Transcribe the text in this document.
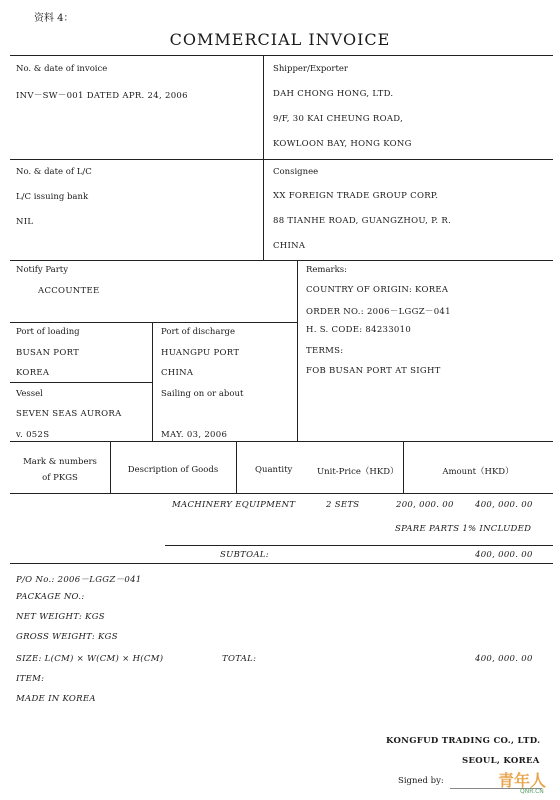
资料 4：
COMMERCIAL INVOICE
No. & date of invoice
INV－SW－001 DATED APR. 24, 2006
Shipper/Exporter
DAH CHONG HONG, LTD.
9/F, 30 KAI CHEUNG ROAD,
KOWLOON BAY, HONG KONG
No. & date of L/C
L/C issuing bank
NIL
Consignee
XX FOREIGN TRADE GROUP CORP.
88 TIANHE ROAD, GUANGZHOU, P. R.
CHINA
Notify Party
ACCOUNTEE
Remarks:
COUNTRY OF ORIGIN: KOREA
ORDER NO.: 2006－LGGZ－041
H. S. CODE: 84233010
TERMS:
FOB BUSAN PORT AT SIGHT
Port of loading
BUSAN PORT
KOREA
Port of discharge
HUANGPU PORT
CHINA
Vessel
SEVEN SEAS AURORA
v. 052S
Sailing on or about
MAY. 03, 2006
Mark & numbers
of PKGS
Description of Goods	Quantity	Unit-Price（HKD）	Amount（HKD）
MACHINERY EQUIPMENT	2 SETS	200, 000. 00	400, 000. 00
SPARE PARTS 1% INCLUDED
SUBTOAL:	400, 000. 00
P/O No.: 2006－LGGZ－041
PACKAGE NO.:
NET WEIGHT: KGS
GROSS WEIGHT: KGS
SIZE: L(CM) × W(CM) × H(CM)	TOTAL:	400, 000. 00
ITEM:
MADE IN KOREA
KONGFUD TRADING CO., LTD.
SEOUL, KOREA
Signed by:	青年人
QNR.CN
